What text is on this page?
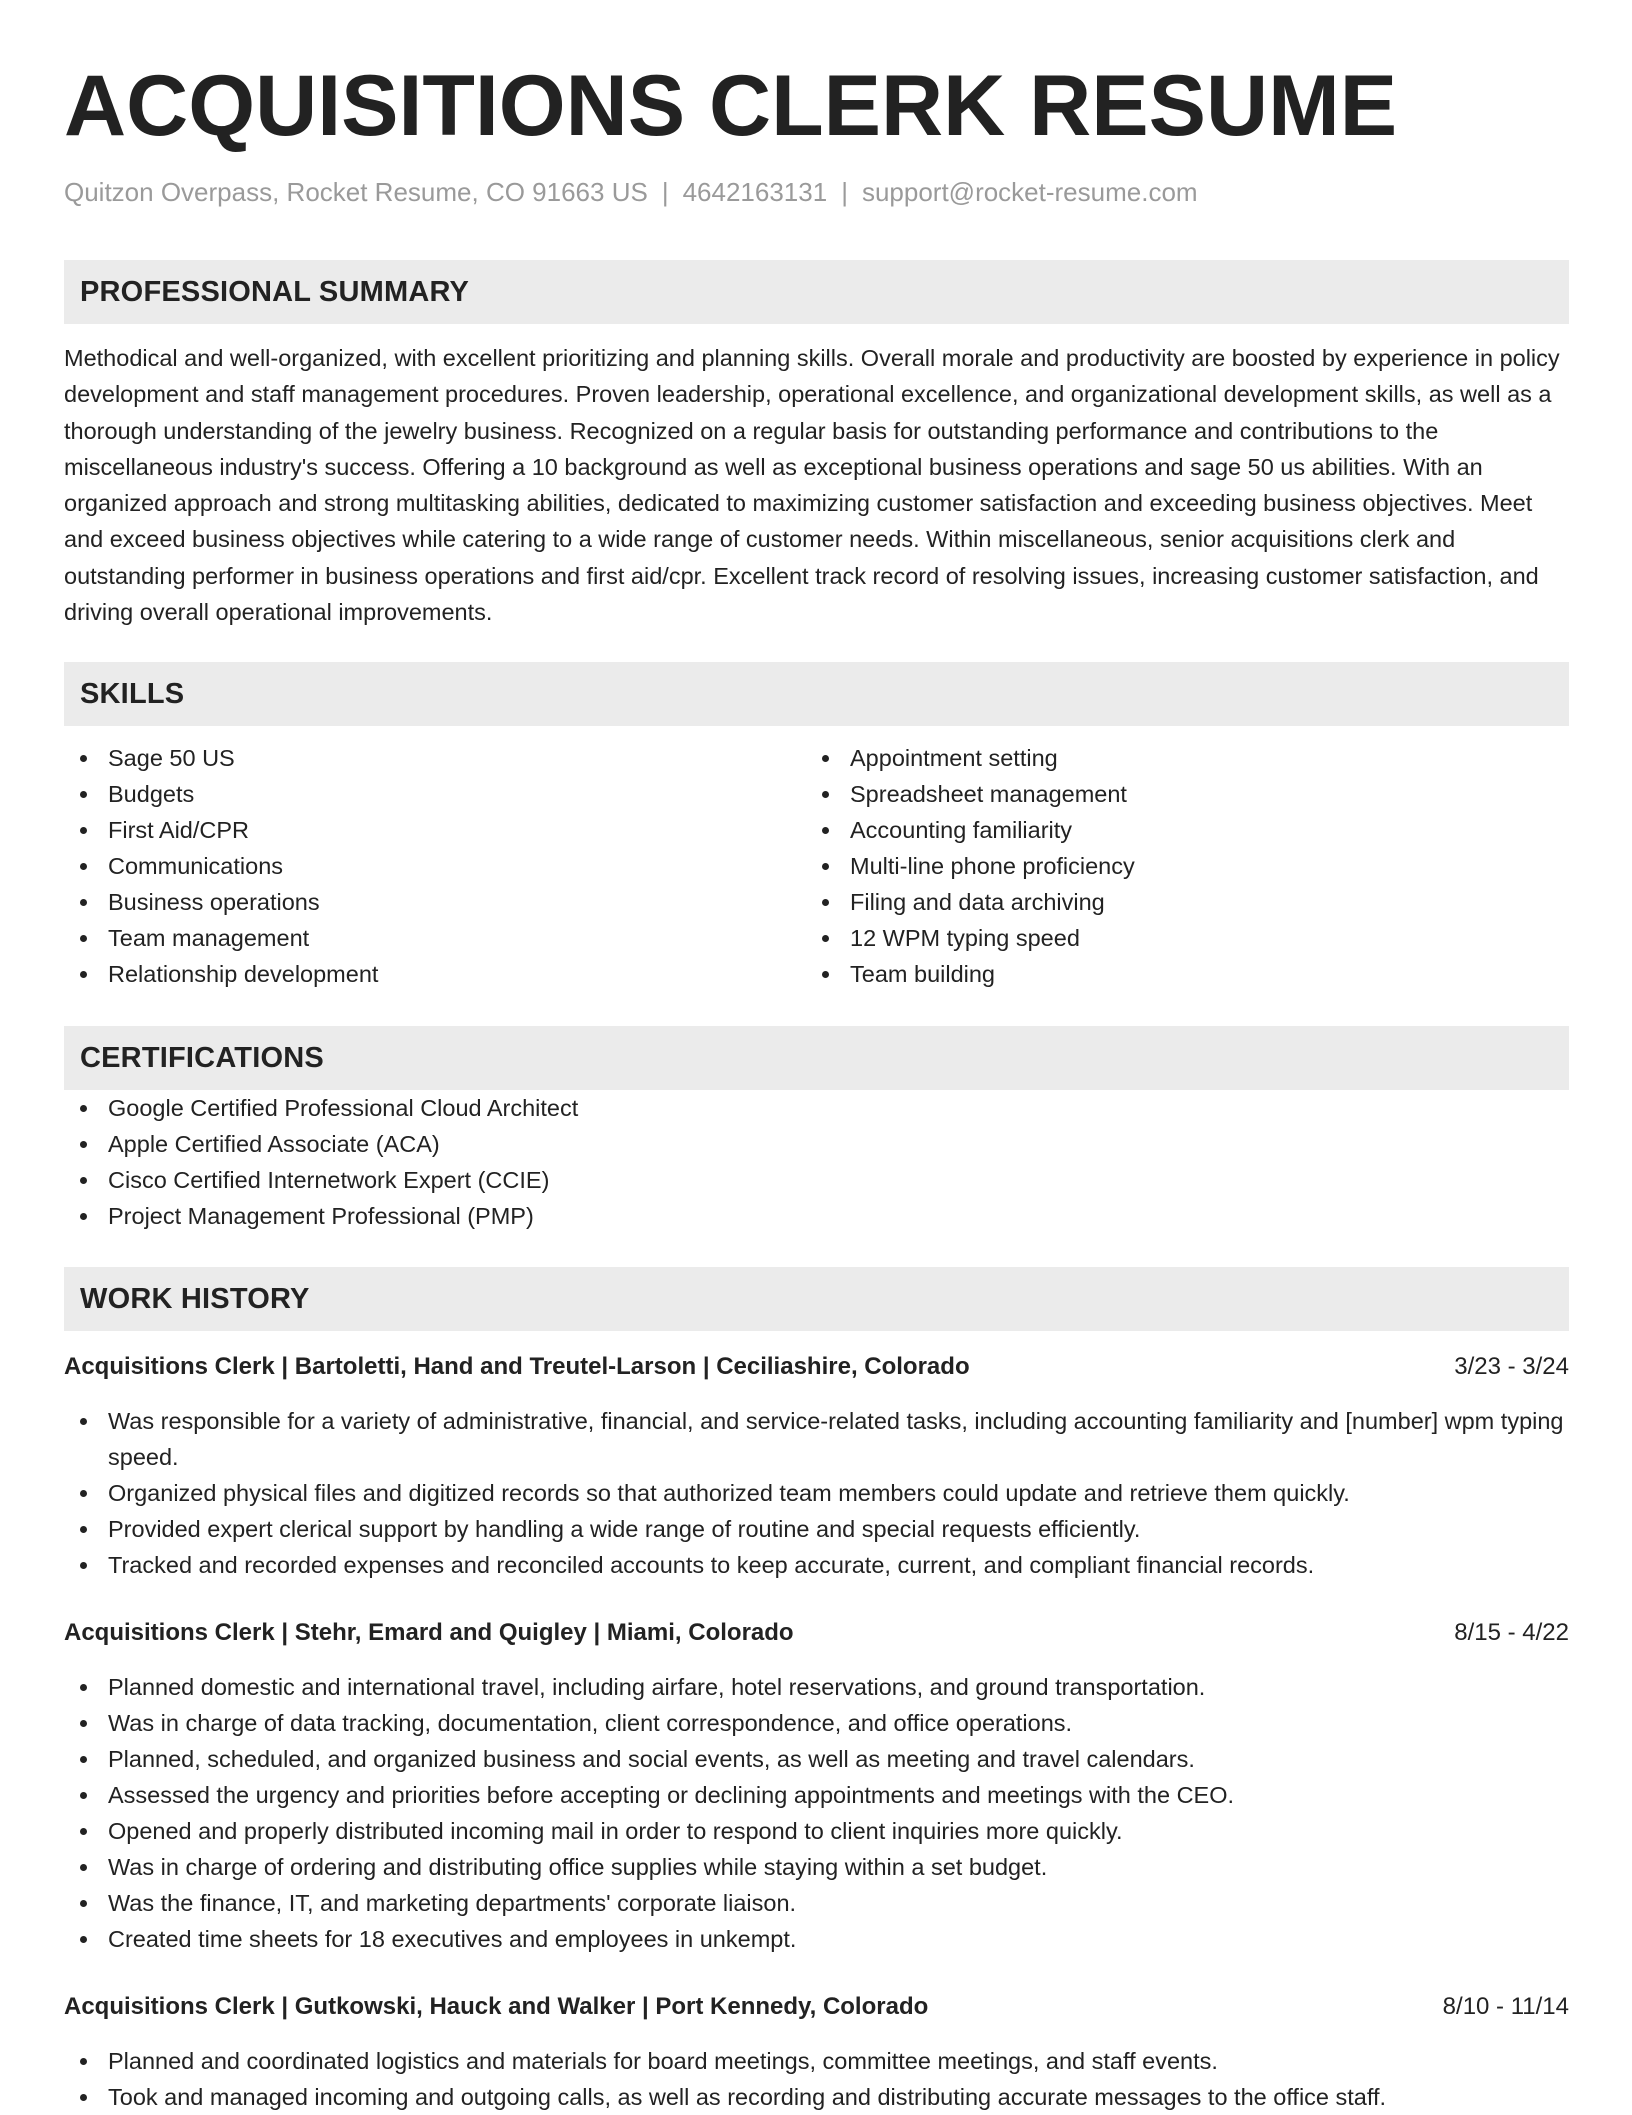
ACQUISITIONS CLERK RESUME
Quitzon Overpass, Rocket Resume, CO 91663 US | 4642163131 | support@rocket-resume.com
PROFESSIONAL SUMMARY

Methodical and well-organized, with excellent prioritizing and planning skills. Overall morale and productivity are boosted by experience in policy development and staff management procedures. Proven leadership, operational excellence, and organizational development skills, as well as a thorough understanding of the jewelry business. Recognized on a regular basis for outstanding performance and contributions to the miscellaneous industry's success. Offering a 10 background as well as exceptional business operations and sage 50 us abilities. With an organized approach and strong multitasking abilities, dedicated to maximizing customer satisfaction and exceeding business objectives. Meet and exceed business objectives while catering to a wide range of customer needs. Within miscellaneous, senior acquisitions clerk and outstanding performer in business operations and first aid/cpr. Excellent track record of resolving issues, increasing customer satisfaction, and driving overall operational improvements.

SKILLS
Sage 50 US
Budgets
First Aid/CPR
Communications
Business operations
Team management
Relationship development
Appointment setting
Spreadsheet management
Accounting familiarity
Multi-line phone proficiency
Filing and data archiving
12 WPM typing speed
Team building
CERTIFICATIONS
Google Certified Professional Cloud Architect
Apple Certified Associate (ACA)
Cisco Certified Internetwork Expert (CCIE)
Project Management Professional (PMP)
WORK HISTORY
Acquisitions Clerk | Bartoletti, Hand and Treutel-Larson | Ceciliashire, Colorado	3/23 - 3/24
Was responsible for a variety of administrative, financial, and service-related tasks, including accounting familiarity and [number] wpm typing speed.
Organized physical files and digitized records so that authorized team members could update and retrieve them quickly.
Provided expert clerical support by handling a wide range of routine and special requests efficiently.
Tracked and recorded expenses and reconciled accounts to keep accurate, current, and compliant financial records.
Acquisitions Clerk | Stehr, Emard and Quigley | Miami, Colorado	8/15 - 4/22
Planned domestic and international travel, including airfare, hotel reservations, and ground transportation.
Was in charge of data tracking, documentation, client correspondence, and office operations.
Planned, scheduled, and organized business and social events, as well as meeting and travel calendars.
Assessed the urgency and priorities before accepting or declining appointments and meetings with the CEO.
Opened and properly distributed incoming mail in order to respond to client inquiries more quickly.
Was in charge of ordering and distributing office supplies while staying within a set budget.
Was the finance, IT, and marketing departments' corporate liaison.
Created time sheets for 18 executives and employees in unkempt.
Acquisitions Clerk | Gutkowski, Hauck and Walker | Port Kennedy, Colorado	8/10 - 11/14
Planned and coordinated logistics and materials for board meetings, committee meetings, and staff events.
Took and managed incoming and outgoing calls, as well as recording and distributing accurate messages to the office staff.
